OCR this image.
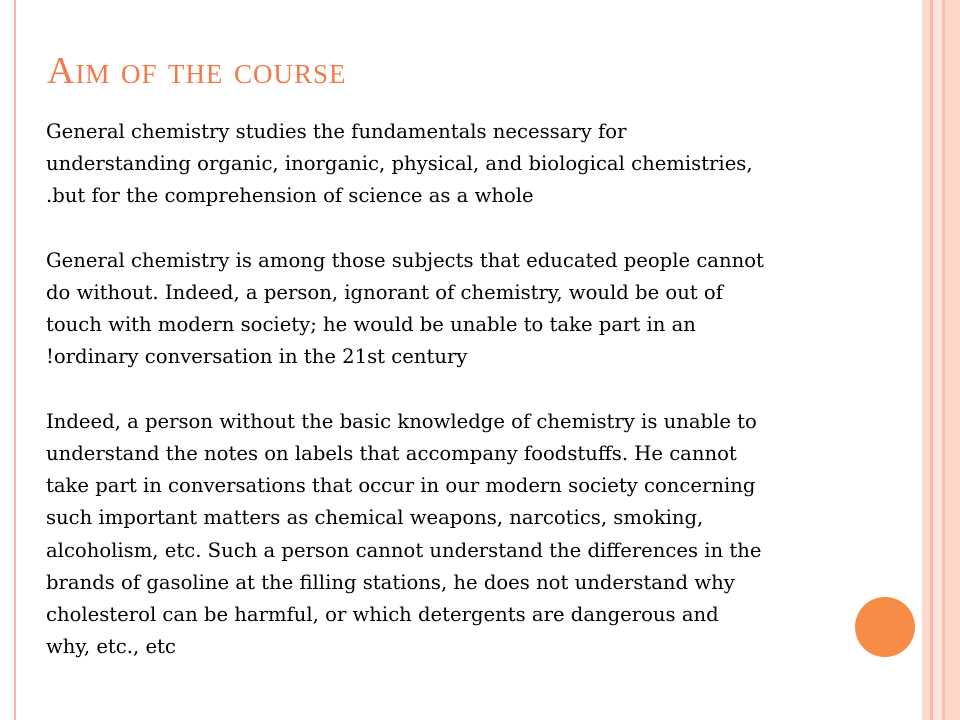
Aim of the course

General chemistry studies the fundamentals necessary for
understanding organic, inorganic, physical, and biological chemistries,
.but for the comprehension of science as a whole

General chemistry is among those subjects that educated people cannot
do without. Indeed, a person, ignorant of chemistry, would be out of
touch with modern society; he would be unable to take part in an
!ordinary conversation in the 21st century

Indeed, a person without the basic knowledge of chemistry is unable to
understand the notes on labels that accompany foodstuffs. He cannot
take part in conversations that occur in our modern society concerning
such important matters as chemical weapons, narcotics, smoking,
alcoholism, etc. Such a person cannot understand the differences in the
brands of gasoline at the filling stations, he does not understand why
cholesterol can be harmful, or which detergents are dangerous and
why, etc., etc
